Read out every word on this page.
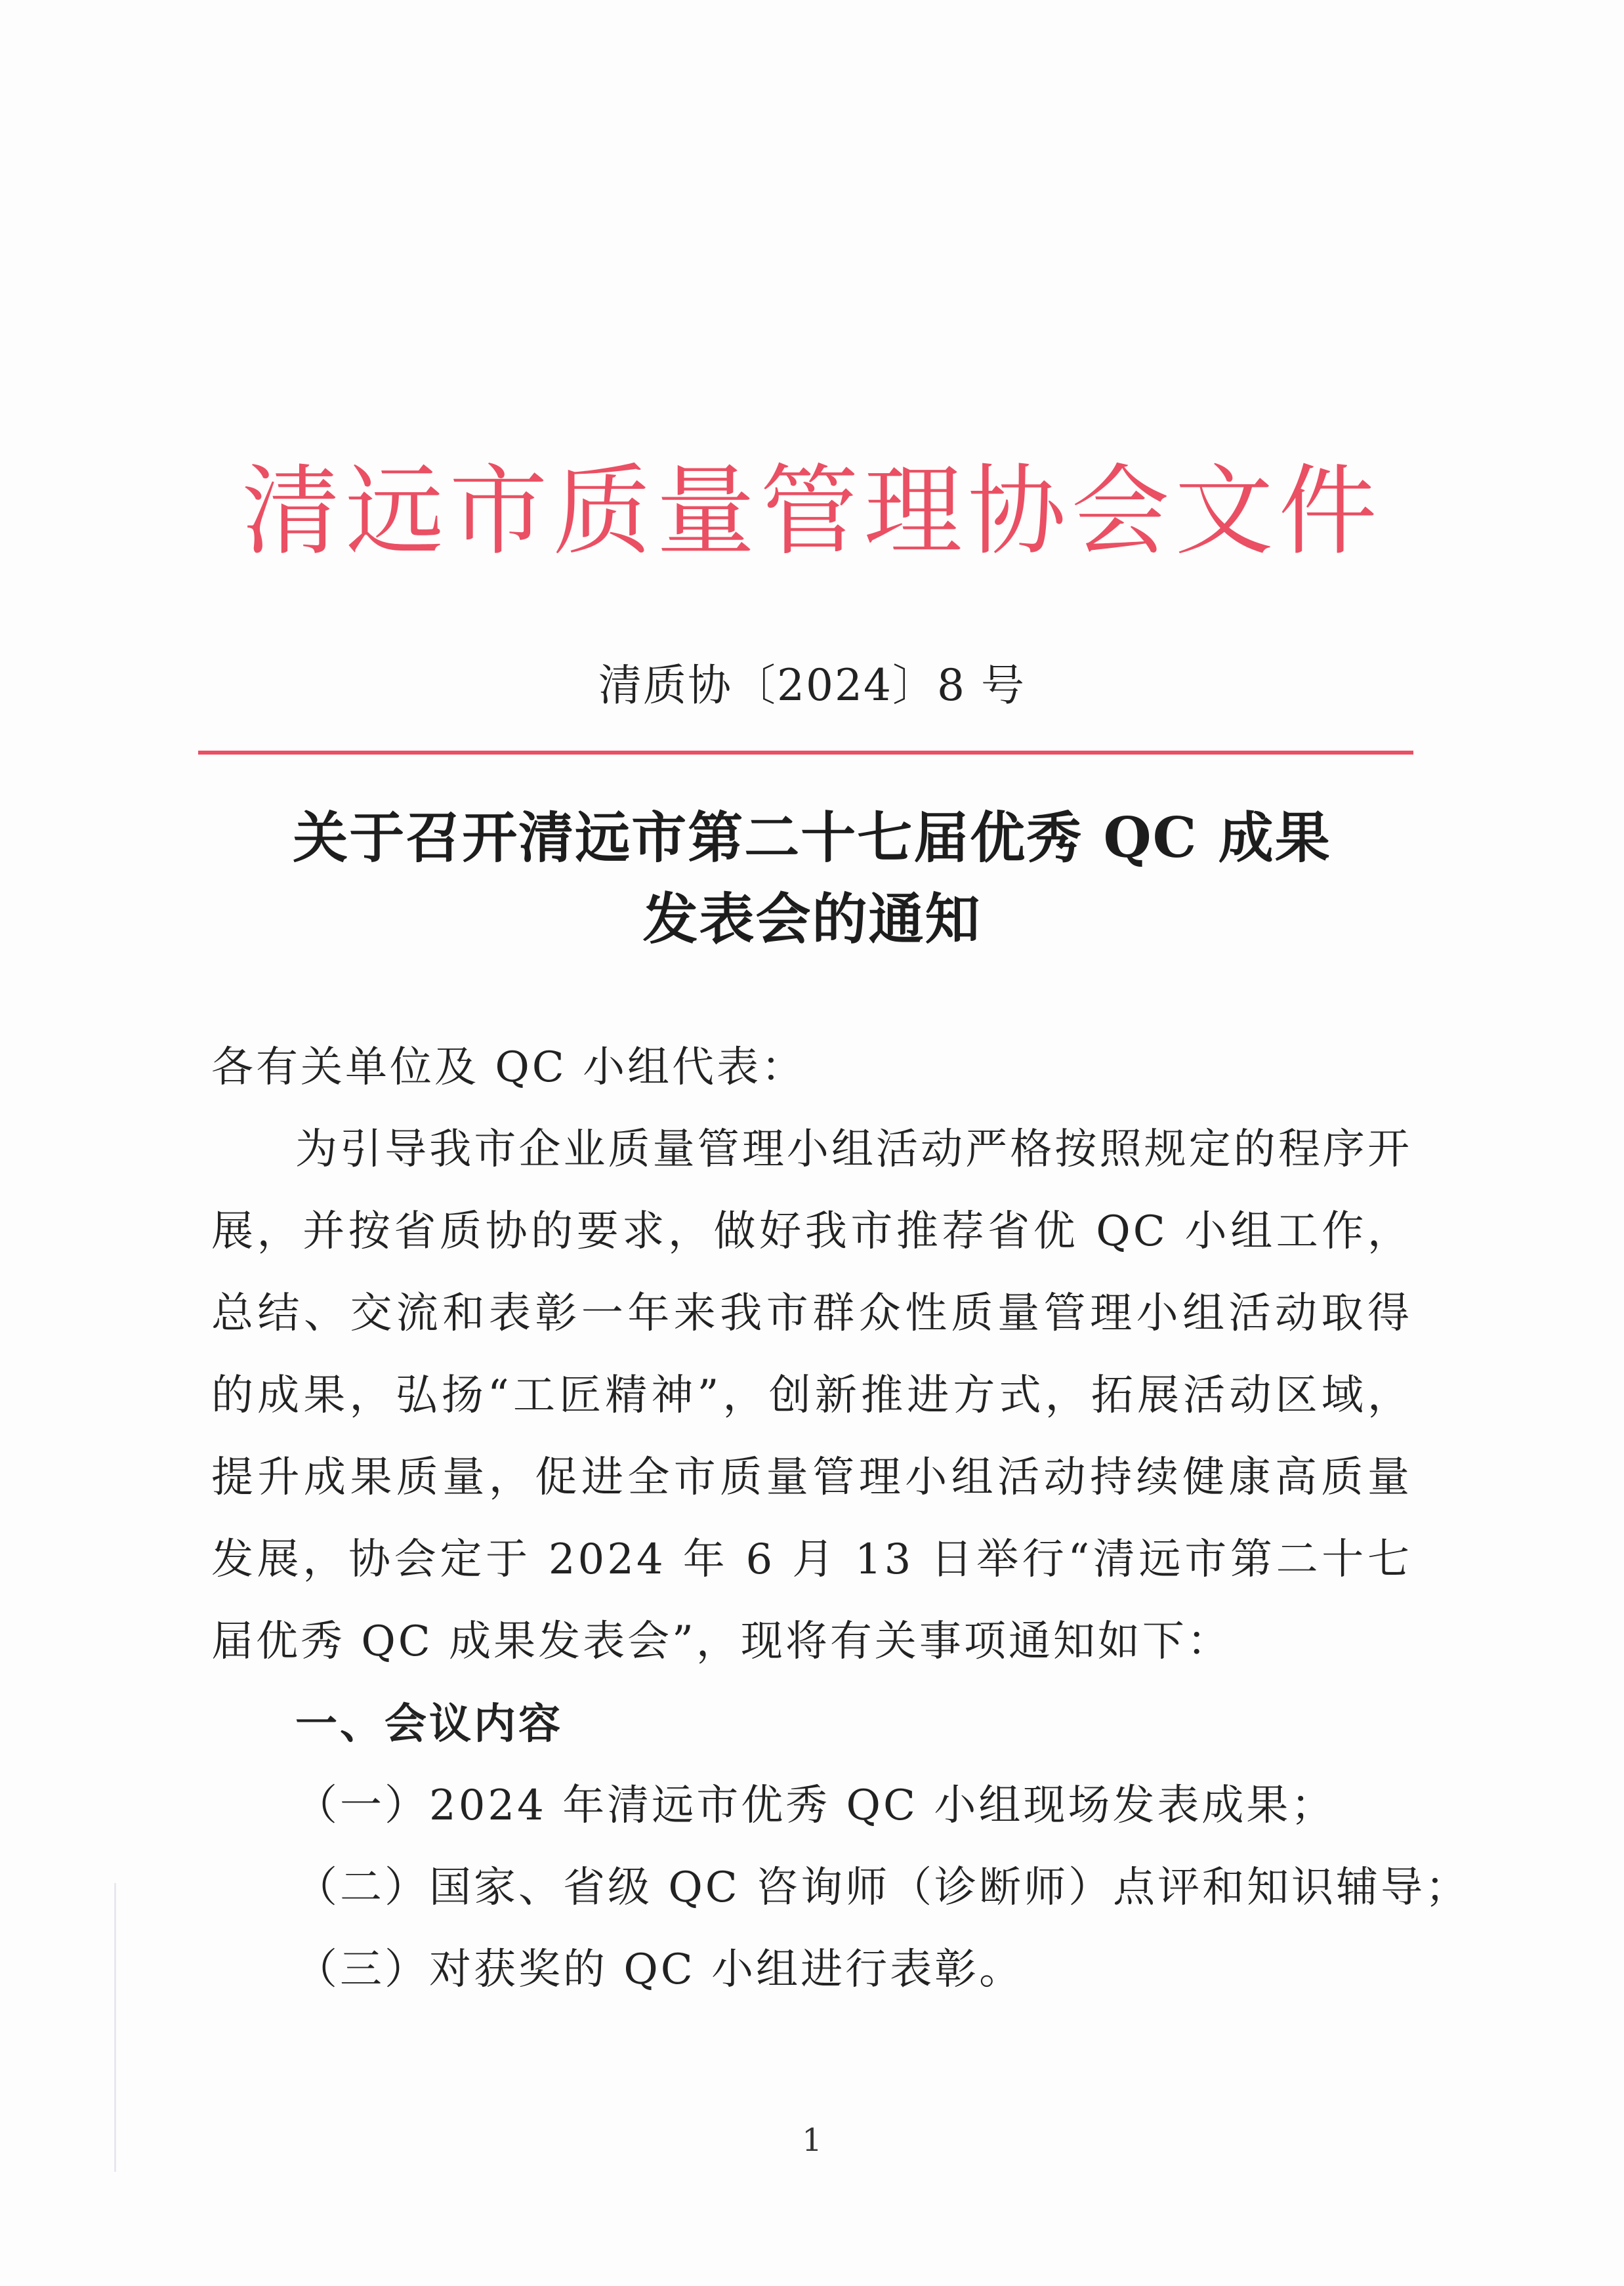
清远市质量管理协会文件
清质协〔2024〕8 号
关于召开清远市第二十七届优秀 QC 成果
发表会的通知

各有关单位及 QC 小组代表：

为引导我市企业质量管理小组活动严格按照规定的程序开展，并按省质协的要求，做好我市推荐省优 QC 小组工作，总结、交流和表彰一年来我市群众性质量管理小组活动取得的成果，弘扬“工匠精神”，创新推进方式，拓展活动区域，提升成果质量，促进全市质量管理小组活动持续健康高质量发展，协会定于 2024 年 6 月 13 日举行“清远市第二十七届优秀 QC 成果发表会”，现将有关事项通知如下：

一、会议内容

（一）2024 年清远市优秀 QC 小组现场发表成果；

（二）国家、省级 QC 咨询师（诊断师）点评和知识辅导；

（三）对获奖的 QC 小组进行表彰。

1
